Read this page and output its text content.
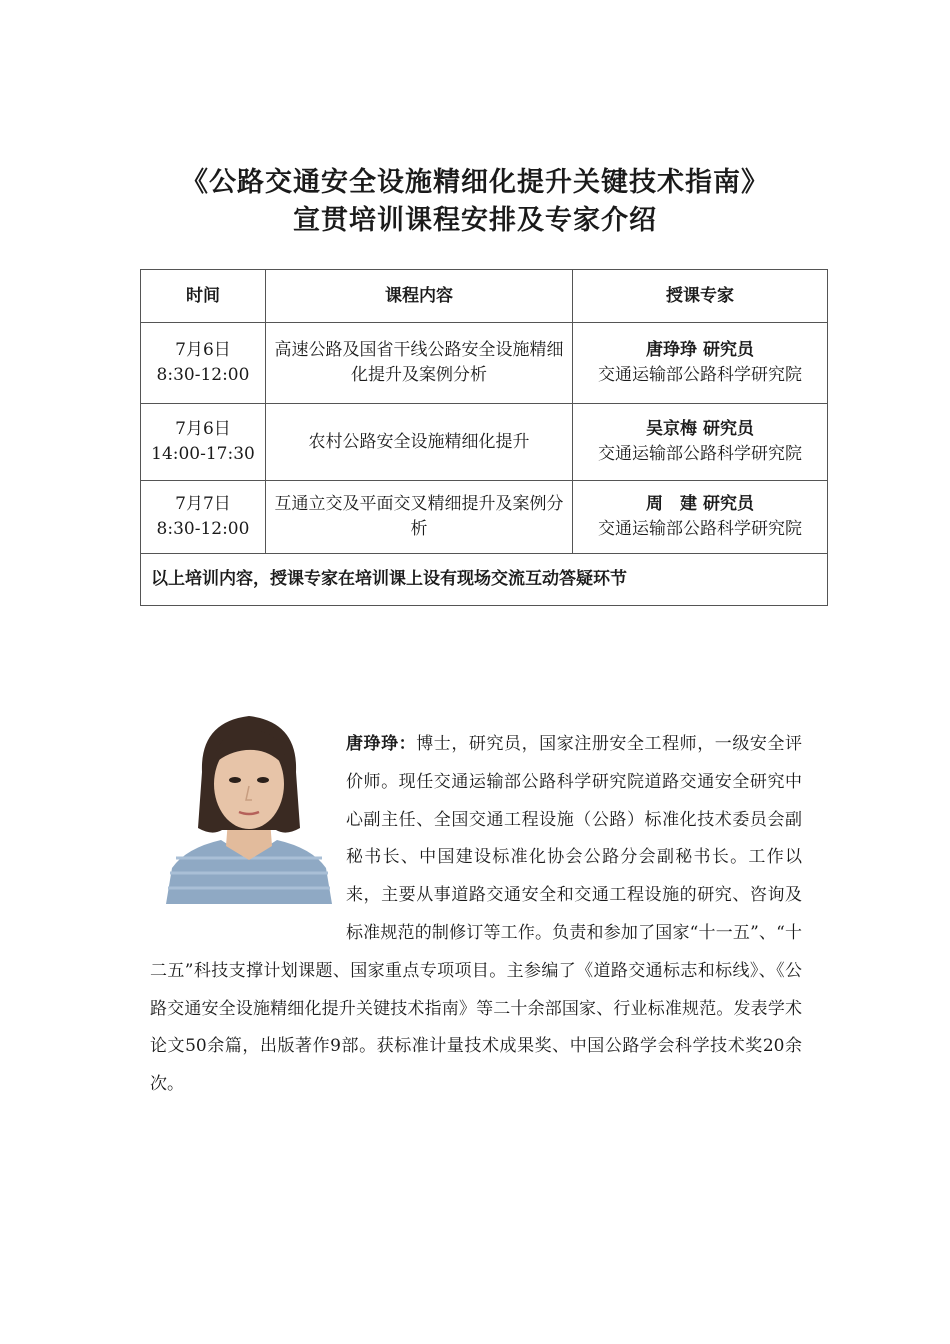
《公路交通安全设施精细化提升关键技术指南》
宣贯培训课程安排及专家介绍
时间	课程内容	授课专家

7月6日
8:30-12:00	高速公路及国省干线公路安全设施精细化提升及案例分析	唐琤琤 研究员
交通运输部公路科学研究院

7月6日
14:00-17:30	农村公路安全设施精细化提升	吴京梅 研究员
交通运输部公路科学研究院

7月7日
8:30-12:00	互通立交及平面交叉精细提升及案例分析	周　建 研究员
交通运输部公路科学研究院

以上培训内容，授课专家在培训课上设有现场交流互动答疑环节		
唐琤琤：博士，研究员，国家注册安全工程师，一级安全评价师。现任交通运输部公路科学研究院道路交通安全研究中心副主任、全国交通工程设施（公路）标准化技术委员会副秘书长、中国建设标准化协会公路分会副秘书长。工作以来，主要从事道路交通安全和交通工程设施的研究、咨询及标准规范的制修订等工作。负责和参加了国家“十一五”、“十二五”科技支撑计划课题、国家重点专项项目。主参编了《道路交通标志和标线》、《公路交通安全设施精细化提升关键技术指南》等二十余部国家、行业标准规范。发表学术论文50余篇，出版著作9部。获标准计量技术成果奖、中国公路学会科学技术奖20余次。
